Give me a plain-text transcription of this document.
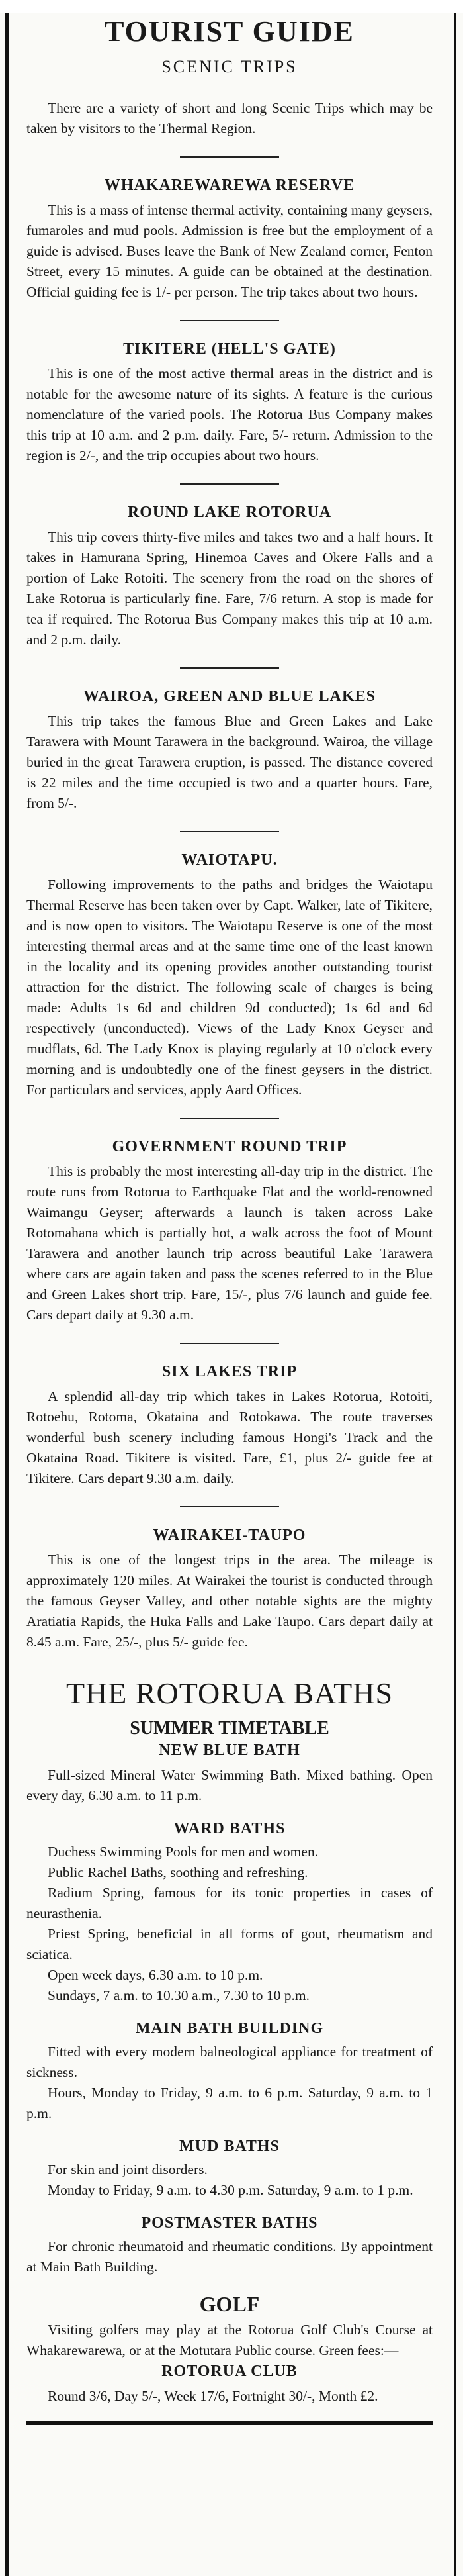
TOURIST GUIDE
SCENIC TRIPS

There are a variety of short and long Scenic Trips which may be taken by visitors to the Thermal Region.

WHAKAREWAREWA RESERVE

This is a mass of intense thermal activity, containing many geysers, fumaroles and mud pools. Admission is free but the employment of a guide is advised. Buses leave the Bank of New Zealand corner, Fenton Street, every 15 minutes. A guide can be obtained at the destination. Official guiding fee is 1/- per person. The trip takes about two hours.

TIKITERE (HELL'S GATE)

This is one of the most active thermal areas in the district and is notable for the awesome nature of its sights. A feature is the curious nomenclature of the varied pools. The Rotorua Bus Company makes this trip at 10 a.m. and 2 p.m. daily. Fare, 5/- return. Admission to the region is 2/-, and the trip occupies about two hours.

ROUND LAKE ROTORUA

This trip covers thirty-five miles and takes two and a half hours. It takes in Hamurana Spring, Hinemoa Caves and Okere Falls and a portion of Lake Rotoiti. The scenery from the road on the shores of Lake Rotorua is particularly fine. Fare, 7/6 return. A stop is made for tea if required. The Rotorua Bus Company makes this trip at 10 a.m. and 2 p.m. daily.

WAIROA, GREEN AND BLUE LAKES

This trip takes the famous Blue and Green Lakes and Lake Tarawera with Mount Tarawera in the background. Wairoa, the village buried in the great Tarawera eruption, is passed. The distance covered is 22 miles and the time occupied is two and a quarter hours. Fare, from 5/-.

WAIOTAPU.

Following improvements to the paths and bridges the Waiotapu Thermal Reserve has been taken over by Capt. Walker, late of Tikitere, and is now open to visitors. The Waiotapu Reserve is one of the most interesting thermal areas and at the same time one of the least known in the locality and its opening provides another outstanding tourist attraction for the district. The following scale of charges is being made: Adults 1s 6d and children 9d conducted); 1s 6d and 6d respectively (unconducted). Views of the Lady Knox Geyser and mudflats, 6d. The Lady Knox is playing regularly at 10 o'clock every morning and is undoubtedly one of the finest geysers in the district. For particulars and services, apply Aard Offices.

GOVERNMENT ROUND TRIP

This is probably the most interesting all-day trip in the district. The route runs from Rotorua to Earthquake Flat and the world-renowned Waimangu Geyser; afterwards a launch is taken across Lake Rotomahana which is partially hot, a walk across the foot of Mount Tarawera and another launch trip across beautiful Lake Tarawera where cars are again taken and pass the scenes referred to in the Blue and Green Lakes short trip. Fare, 15/-, plus 7/6 launch and guide fee. Cars depart daily at 9.30 a.m.

SIX LAKES TRIP

A splendid all-day trip which takes in Lakes Rotorua, Rotoiti, Rotoehu, Rotoma, Okataina and Rotokawa. The route traverses wonderful bush scenery including famous Hongi's Track and the Okataina Road. Tikitere is visited. Fare, £1, plus 2/- guide fee at Tikitere. Cars depart 9.30 a.m. daily.

WAIRAKEI-TAUPO

This is one of the longest trips in the area. The mileage is approximately 120 miles. At Wairakei the tourist is conducted through the famous Geyser Valley, and other notable sights are the mighty Aratiatia Rapids, the Huka Falls and Lake Taupo. Cars depart daily at 8.45 a.m. Fare, 25/-, plus 5/- guide fee.

THE ROTORUA BATHS
SUMMER TIMETABLE
NEW BLUE BATH

Full-sized Mineral Water Swimming Bath. Mixed bathing. Open every day, 6.30 a.m. to 11 p.m.

WARD BATHS

Duchess Swimming Pools for men and women.

Public Rachel Baths, soothing and refreshing.

Radium Spring, famous for its tonic properties in cases of neurasthenia.

Priest Spring, beneficial in all forms of gout, rheumatism and sciatica.

Open week days, 6.30 a.m. to 10 p.m.

Sundays, 7 a.m. to 10.30 a.m., 7.30 to 10 p.m.

MAIN BATH BUILDING

Fitted with every modern balneological appliance for treatment of sickness.

Hours, Monday to Friday, 9 a.m. to 6 p.m. Saturday, 9 a.m. to 1 p.m.

MUD BATHS

For skin and joint disorders.

Monday to Friday, 9 a.m. to 4.30 p.m. Saturday, 9 a.m. to 1 p.m.

POSTMASTER BATHS

For chronic rheumatoid and rheumatic conditions. By appointment at Main Bath Building.

GOLF

Visiting golfers may play at the Rotorua Golf Club's Course at Whakarewarewa, or at the Motutara Public course. Green fees:—

ROTORUA CLUB

Round 3/6, Day 5/-, Week 17/6, Fortnight 30/-, Month £2.
